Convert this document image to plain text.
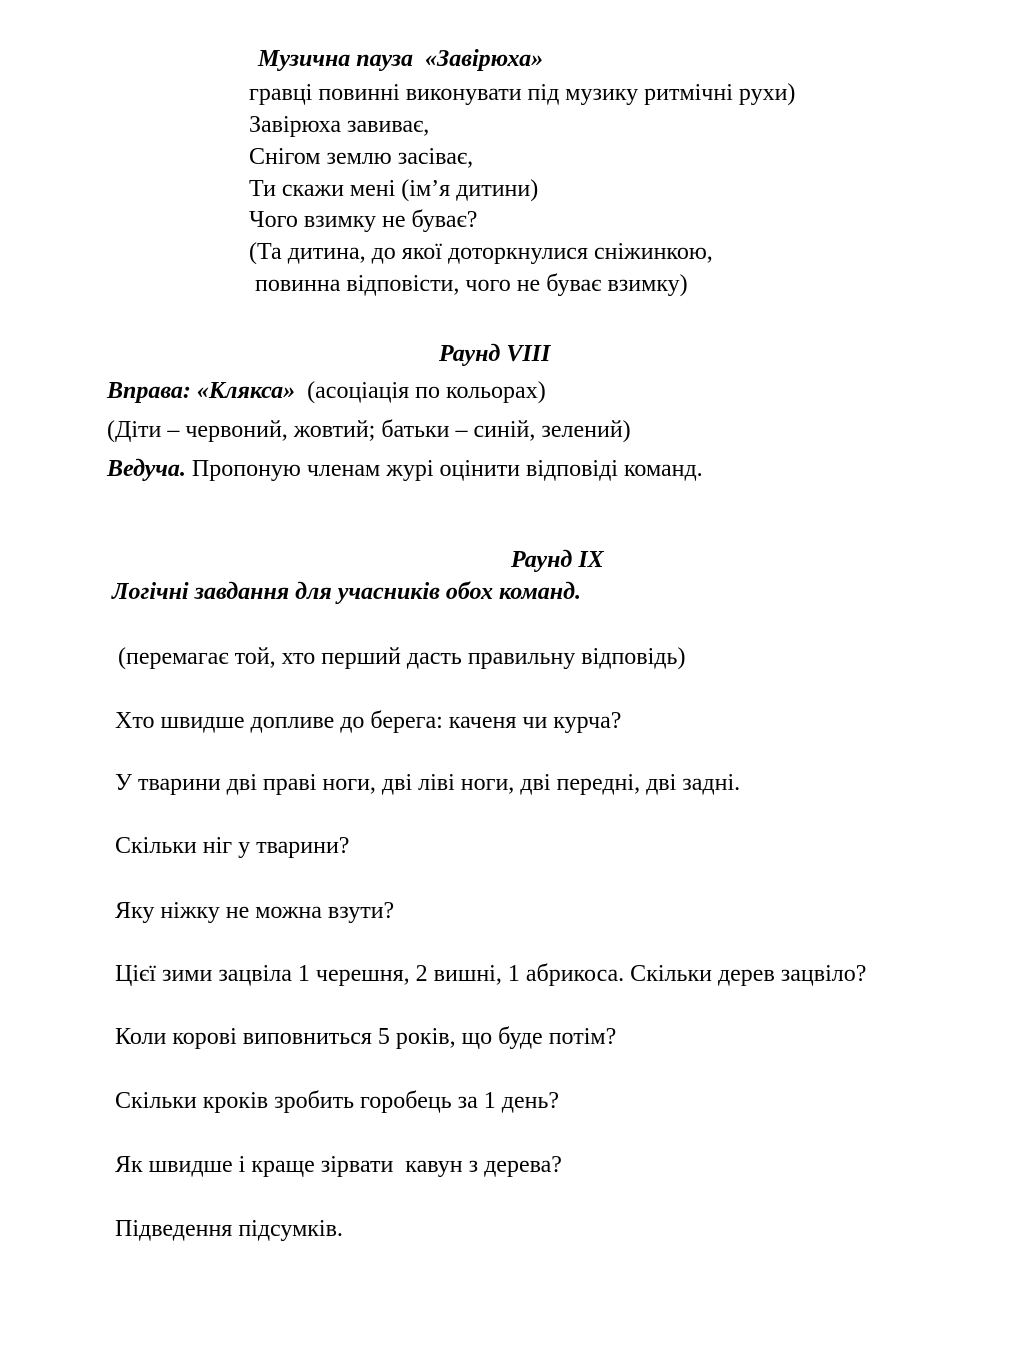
Музична пауза  «Завірюха»
гравці повинні виконувати під музику ритмічні рухи)
Завірюха завиває,
Снігом землю засіває,
Ти скажи мені (ім’я дитини)
Чого взимку не буває?
(Та дитина, до якої доторкнулися сніжинкою,
повинна відповісти, чого не буває взимку)
Раунд VIII
Вправа: «Клякса»  (асоціація по кольорах)
(Діти – червоний, жовтий; батьки – синій, зелений)
Ведуча. Пропоную членам журі оцінити відповіді команд.
Раунд IX
Логічні завдання для учасників обох команд.
(перемагає той, хто перший дасть правильну відповідь)
Хто швидше допливе до берега: каченя чи курча?
У тварини дві праві ноги, дві ліві ноги, дві передні, дві задні.
Скільки ніг у тварини?
Яку ніжку не можна взути?
Цієї зими зацвіла 1 черешня, 2 вишні, 1 абрикоса. Скільки дерев зацвіло?
Коли корові виповниться 5 років, що буде потім?
Скільки кроків зробить горобець за 1 день?
Як швидше і краще зірвати  кавун з дерева?
Підведення підсумків.
